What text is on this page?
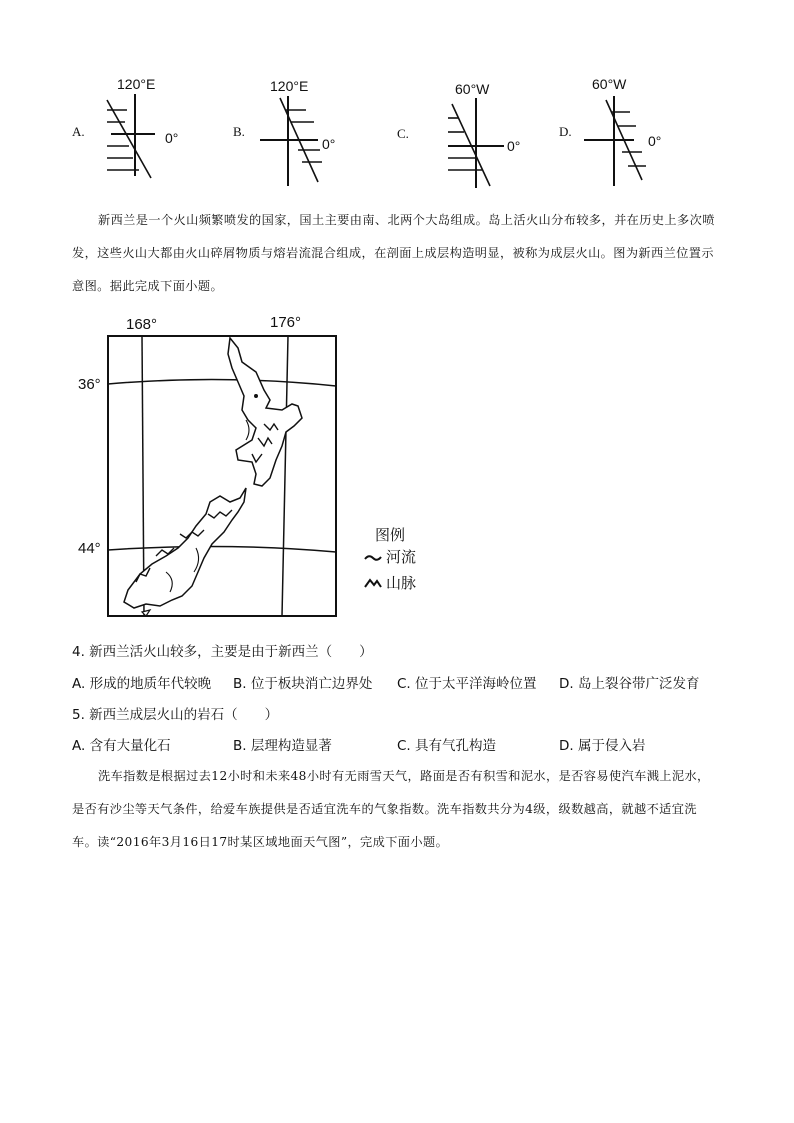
A.
120°E
0°	B.
120°E
0°
C.
60°W
0°
D.
60°W
0°
新西兰是一个火山频繁喷发的国家，国土主要由南、北两个大岛组成。岛上活火山分布较多，并在历史上多次喷发，这些火山大都由火山碎屑物质与熔岩流混合组成，在剖面上成层构造明显，被称为成层火山。图为新西兰位置示意图。据此完成下面小题。
168°	176°
36°
44°
图例
河流
山脉
4. 新西兰活火山较多，主要是由于新西兰（　　）
A. 形成的地质年代较晚 B. 位于板块消亡边界处 C. 位于太平洋海岭位置 D. 岛上裂谷带广泛发育
5. 新西兰成层火山的岩石（　　）
A. 含有大量化石	B. 层理构造显著	C. 具有气孔构造	D. 属于侵入岩
洗车指数是根据过去12小时和未来48小时有无雨雪天气，路面是否有积雪和泥水，是否容易使汽车溅上泥水，是否有沙尘等天气条件，给爱车族提供是否适宜洗车的气象指数。洗车指数共分为4级，级数越高，就越不适宜洗车。读“2016年3月16日17时某区域地面天气图”，完成下面小题。
